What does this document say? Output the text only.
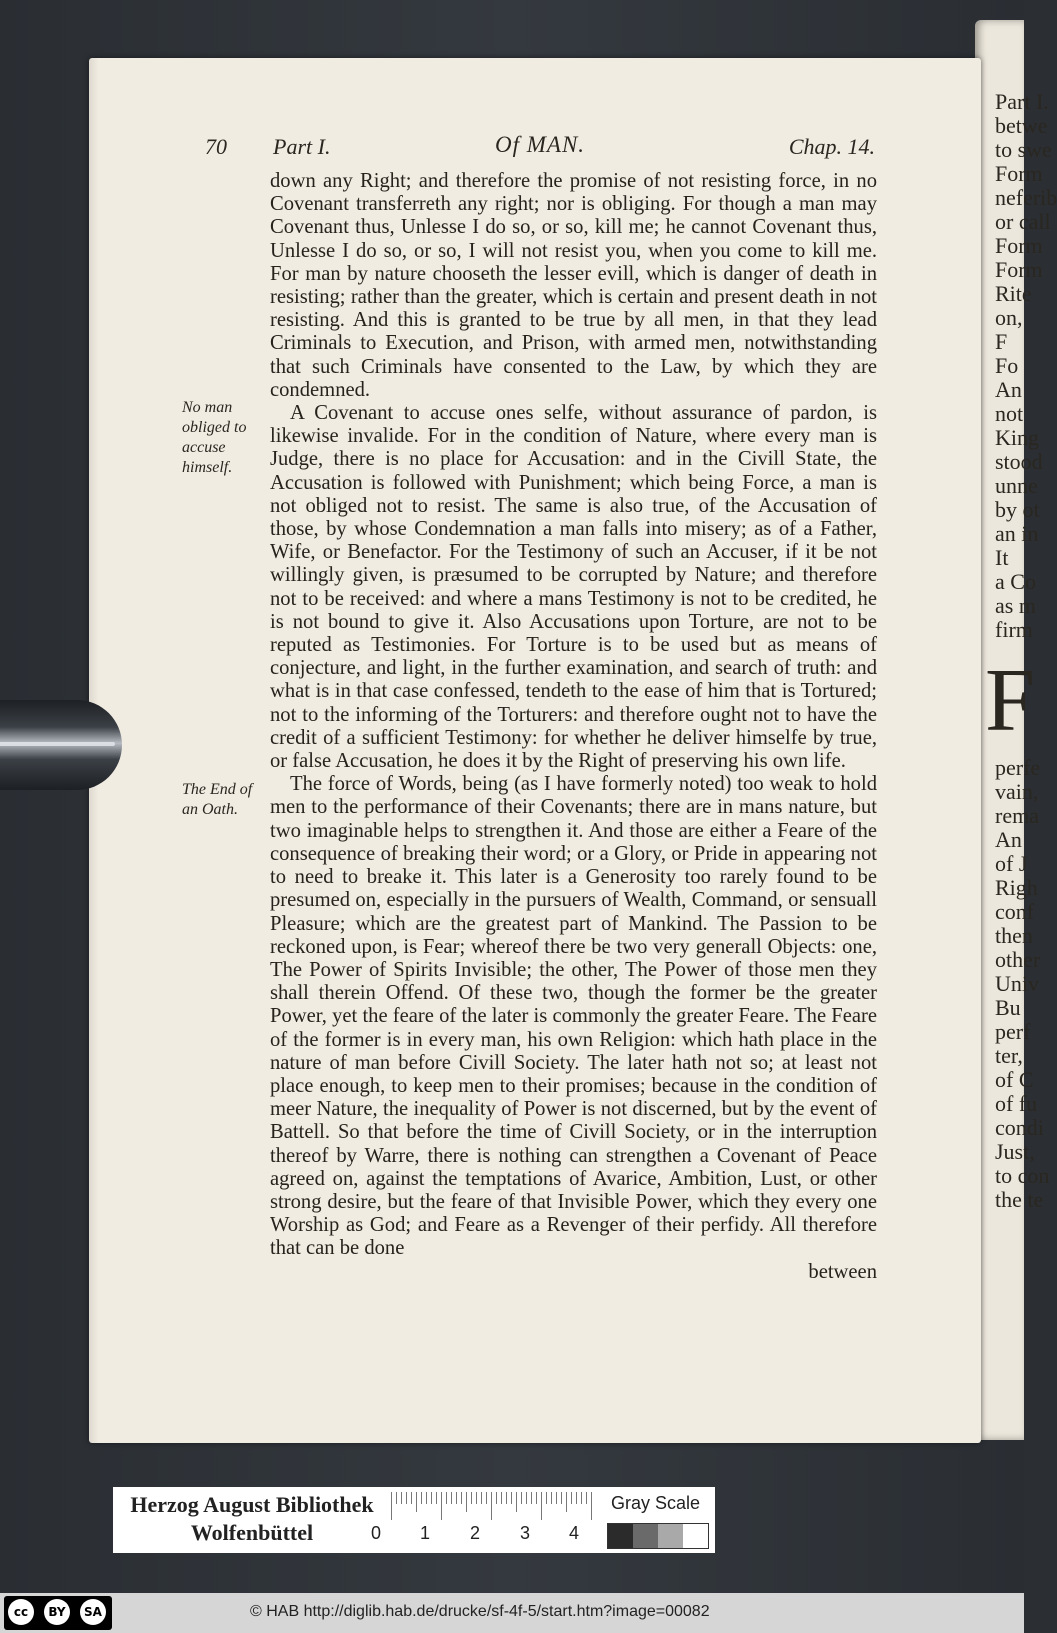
Part I.
betwe
to swe
Form
neferib
or call
Form
Form
Rite
on,
F
Fo
An
not
King
stood
unne
by ot
an in
It
a Co
as m
firm
F
perfe
vain,
rema
An
of J
Righ
conf
then
other
Univ
Bu
perf
ter,
of C
of fu
condi
Just,
to con
the te
70 Part I.	Of MAN.	Chap. 14.
No man obliged to accuse himself.
The End of an Oath.

down any Right; and therefore the promise of not resisting force, in no Covenant transferreth any right; nor is obliging. For though a man may Covenant thus, Unlesse I do so, or so, kill me; he cannot Covenant thus, Unlesse I do so, or so, I will not resist you, when you come to kill me. For man by nature chooseth the lesser evill, which is danger of death in resisting; rather than the greater, which is certain and present death in not resisting. And this is granted to be true by all men, in that they lead Criminals to Execution, and Prison, with armed men, notwithstanding that such Criminals have consented to the Law, by which they are condemned.

A Covenant to accuse ones selfe, without assurance of pardon, is likewise invalide. For in the condition of Nature, where every man is Judge, there is no place for Accusation: and in the Civill State, the Accusation is followed with Punishment; which being Force, a man is not obliged not to resist. The same is also true, of the Accusation of those, by whose Condemnation a man falls into misery; as of a Father, Wife, or Benefactor. For the Testimony of such an Accuser, if it be not willingly given, is præsumed to be corrupted by Nature; and therefore not to be received: and where a mans Testimony is not to be credited, he is not bound to give it. Also Accusations upon Torture, are not to be reputed as Testimonies. For Torture is to be used but as means of conjecture, and light, in the further examination, and search of truth: and what is in that case confessed, tendeth to the ease of him that is Tortured; not to the informing of the Torturers: and therefore ought not to have the credit of a sufficient Testimony: for whether he deliver himselfe by true, or false Accusation, he does it by the Right of preserving his own life.

The force of Words, being (as I have formerly noted) too weak to hold men to the performance of their Covenants; there are in mans nature, but two imaginable helps to strengthen it. And those are either a Feare of the consequence of breaking their word; or a Glory, or Pride in appearing not to need to breake it. This later is a Generosity too rarely found to be presumed on, especially in the pursuers of Wealth, Command, or sensuall Pleasure; which are the greatest part of Mankind. The Passion to be reckoned upon, is Fear; whereof there be two very generall Objects: one, The Power of Spirits Invisible; the other, The Power of those men they shall therein Offend. Of these two, though the former be the greater Power, yet the feare of the later is commonly the greater Feare. The Feare of the former is in every man, his own Religion: which hath place in the nature of man before Civill Society. The later hath not so; at least not place enough, to keep men to their promises; because in the condition of meer Nature, the inequality of Power is not discerned, but by the event of Battell. So that before the time of Civill Society, or in the interruption thereof by Warre, there is nothing can strengthen a Covenant of Peace agreed on, against the temptations of Avarice, Ambition, Lust, or other strong desire, but the feare of that Invisible Power, which they every one Worship as God; and Feare as a Revenger of their perfidy. All therefore that can be done

between

Herzog August Bibliothek
Wolfenbüttel	0 1 2 3 4
Gray Scale
cc	BY	SA	© HAB http://diglib.hab.de/drucke/sf-4f-5/start.htm?image=00082
